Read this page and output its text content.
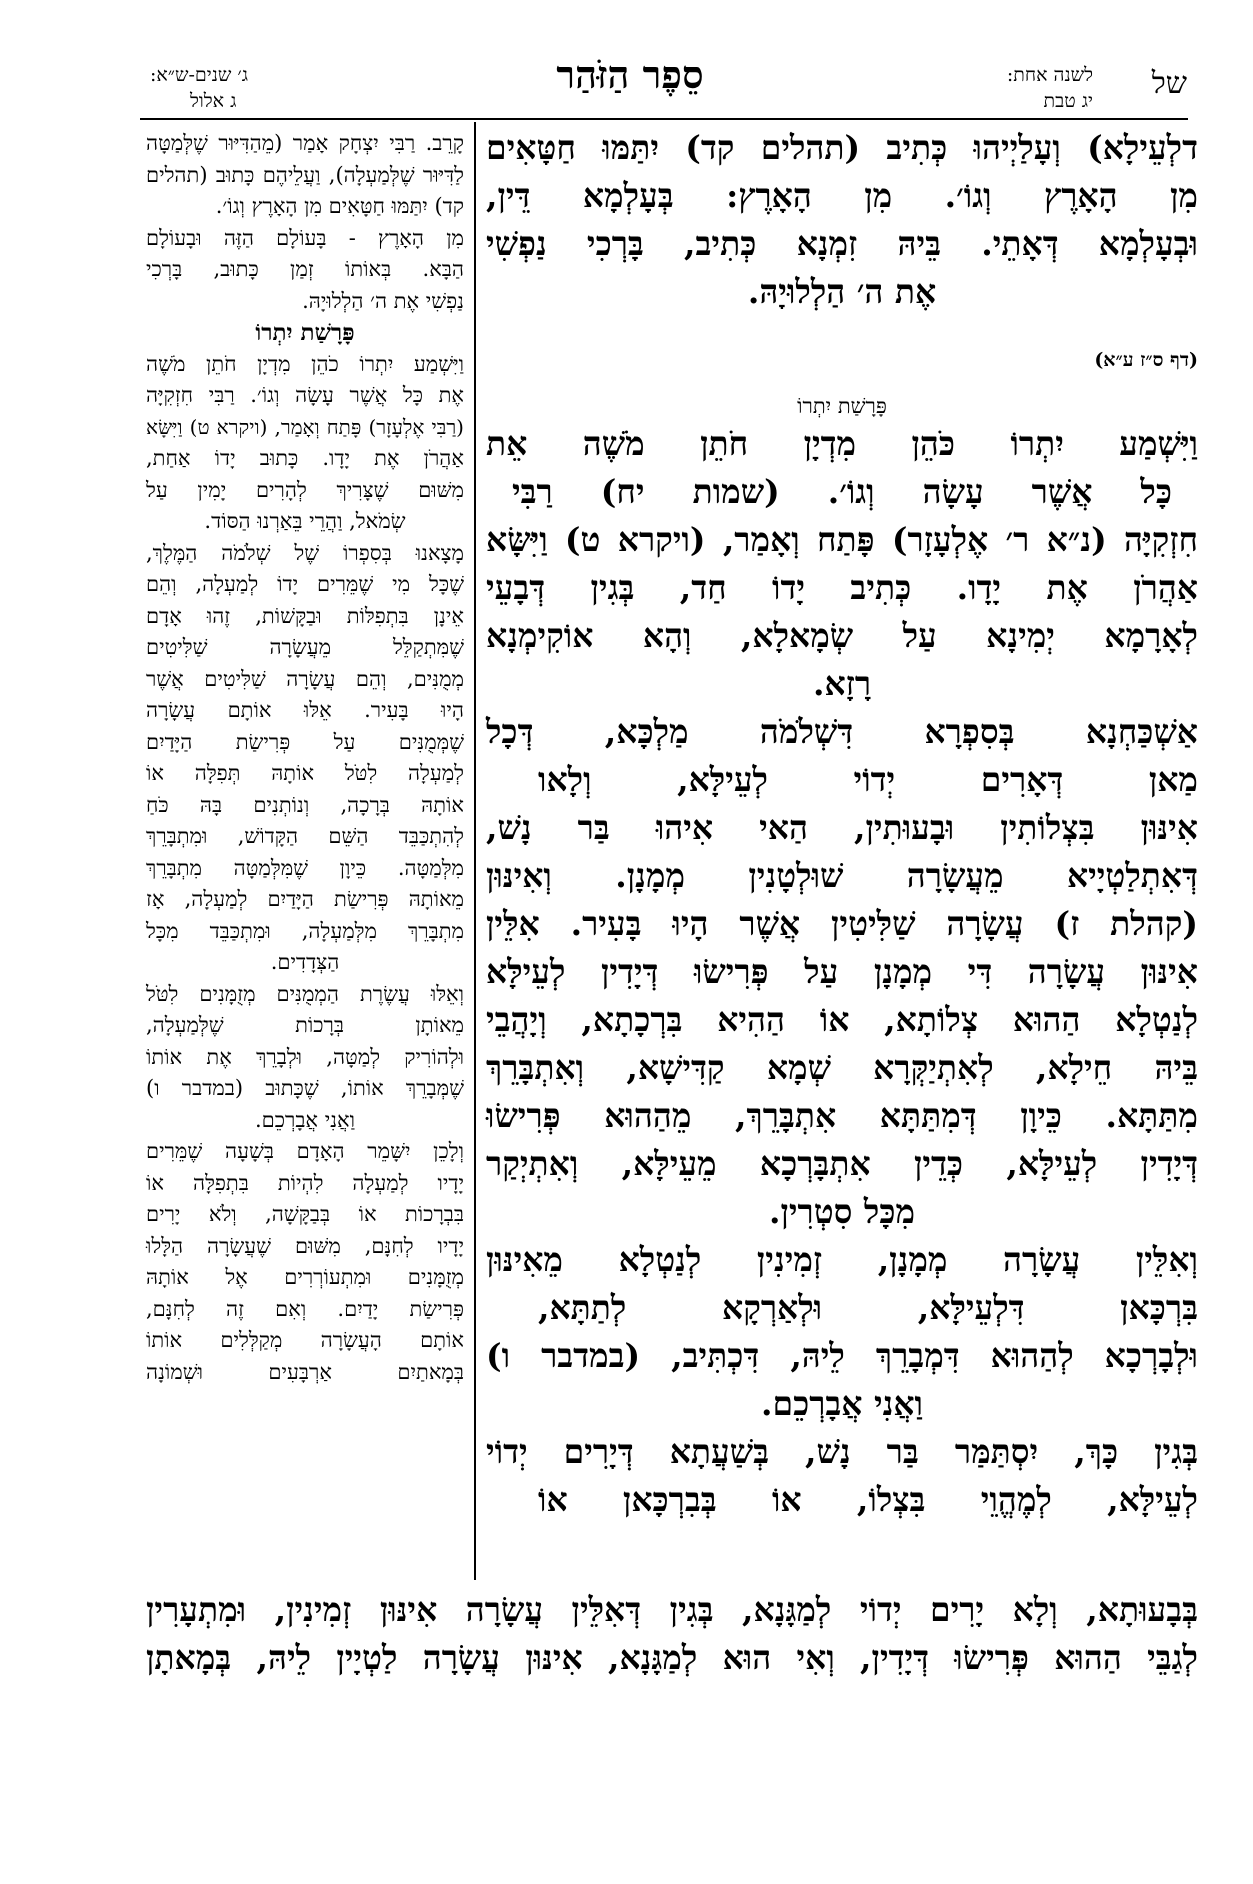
סֵפֶר הַזֹּהַר	של
לשנה אחת:
יג טבת
ג׳ שנים-ש״א:
ג אלול
דלְעֵילָא) וְעָלַיְיהוּ כְּתִיב (תהלים קד) יִתַּמּוּ חַטָּאִים
מִן הָאָרֶץ וְגוֹ׳. מִן הָאָרֶץ: בְּעָלְמָא דֵּין,
וּבְעָלְמָא דְּאָתֵי. בֵּיהּ זִמְנָא כְּתִיב, בָּרְכִי נַפְשִׁי
אֶת ה׳ הַלְלוּיָהּ.
(דף ס״ז ע״א)
פָּרָשַׁת יִתְרוֹ
וַיִּשְׁמַע יִתְרוֹ כֹּהֵן מִדְיָן חֹתֵן מֹשֶׁה אֵת
כָּל אֲשֶׁר עָשָׂה וְגוֹ׳. (שמות יח) רַבִּי
חִזְקִיָּה (נ״א ר׳ אֶלְעָזָר) פָּתַח וְאָמַר, (ויקרא ט) וַיִּשָּׂא
אַהֲרֹן אֶת יָדָו. כְּתִיב יָדוֹ חַד, בְּגִין דְּבָעֵי
לְאָרָמָא יְמִינָא עַל שְׂמָאלָא, וְהָא אוֹקִימְנָא
רָזָא.
אַשְׁכַּחְנָא בְּסִפְרָא דִּשְׁלֹמֹה מַלְכָּא, דְּכָל
מַאן דְּאָרִים יְדוֹי לְעֵילָּא, וְלָאו
אִינּוּן בִּצְלוֹתִין וּבָעוּתִין, הַאי אִיהוּ בַּר נָשׁ,
דְּאִתְלַטְיָיא מֵעֲשָׂרָה שׁוּלְטָנִין מְמָנָן. וְאִינּוּן
(קהלת ז) עֲשָׂרָה שַׁלִּיטִין אֲשֶׁר הָיוּ בָּעִיר. אִלֵּין
אִינּוּן עֲשָׂרָה דִּי מְמָנָן עַל פְּרִישׂוּ דְּיָדִין לְעֵילָּא
לְנַטְלָא הַהוּא צְלוֹתָא, אוֹ הַהִיא בִּרְכָתָא, וְיָהֲבֵי
בֵּיהּ חֵילָא, לְאִתְיַקְּרָא שְׁמָא קַדִּישָׁא, וְאִתְבָּרֵךְ
מִתַּתָּא. כֵּיוָן דְּמִתַּתָּא אִתְבָּרֵךְ, מֵהַהוּא פְּרִישׂוּ
דְּיָדִין לְעֵילָּא, כְּדֵין אִתְבָּרְכָא מֵעֵילָּא, וְאִתְיְקַר
מִכָּל סִטְרִין.
וְאִלֵּין עֲשָׂרָה מְמָנָן, זְמִינִין לְנַטְלָא מֵאִינּוּן
בִּרְכָּאן דִּלְעֵילָּא, וּלְאַרְקָא לְתַתָּא,
וּלְבָרְכָא לְהַהוּא דִּמְבָרֵךְ לֵיהּ, דִּכְתִּיב, (במדבר ו)
וַאֲנִי אֲבָרְכֵם.
בְּגִין כָּךְ, יִסְתַּמַּר בַּר נָשׁ, בְּשַׁעֲתָא דְּיָרִים יְדוֹי
לְעֵילָּא, לְמֶהֱוֵי בִּצְלוֹ, אוֹ בְּבִרְכָּאן אוֹ
קָרֵב. רַבִּי יִצְחָק אָמַר (מֵהַדִּיּוּר שֶׁלְּמַטָּה
לַדִּיּוּר שֶׁלְּמַעְלָה), וַעֲלֵיהֶם כָּתוּב (תהלים
קד) יִתַּמּוּ חַטָּאִים מִן הָאָרֶץ וְגוֹ׳.
מִן הָאָרֶץ - בָּעוֹלָם הַזֶּה וּבָעוֹלָם
הַבָּא. בְּאוֹתוֹ זְמַן כָּתוּב, בָּרְכִי
נַפְשִׁי אֶת ה׳ הַלְלוּיָהּ.
פָּרָשַׁת יִתְרוֹ
וַיִּשְׁמַע יִתְרוֹ כֹהֵן מִדְיָן חֹתֵן מֹשֶׁה
אֶת כָּל אֲשֶׁר עָשָׂה וְגוֹ׳. רַבִּי חִזְקִיָּה
(רַבִּי אֶלְעָזָר) פָּתַח וְאָמַר, (ויקרא ט) וַיִּשָּׂא
אַהֲרֹן אֶת יָדָו. כָּתוּב יָדוֹ אַחַת,
מִשּׁוּם שֶׁצָּרִיךְ לְהָרִים יָמִין עַל
שְׂמֹאל, וַהֲרֵי בֵּאַרְנוּ הַסּוֹד.
מָצָאנוּ בְּסִפְרוֹ שֶׁל שְׁלֹמֹה הַמֶּלֶךְ,
שֶׁכָּל מִי שֶׁמֵּרִים יָדוֹ לְמַעְלָה, וְהֵם
אֵינָן בִּתְפִלּוֹת וּבַקָּשׁוֹת, זֶהוּ אָדָם
שֶׁמִּתְקַלֵּל מֵעֲשָׂרָה שַׁלִּיטִים
מְמֻנִּים, וְהֵם עֲשָׂרָה שַׁלִּיטִים אֲשֶׁר
הָיוּ בָּעִיר. אֵלּוּ אוֹתָם עֲשָׂרָה
שֶׁמְּמֻנִּים עַל פְּרִישַׂת הַיָּדַיִם
לְמַעְלָה לִטֹּל אוֹתָהּ תְּפִלָּה אוֹ
אוֹתָהּ בְּרָכָה, וְנוֹתְנִים בָּהּ כֹּחַ
לְהִתְכַּבֵּד הַשֵּׁם הַקָּדוֹשׁ, וּמִתְבָּרֵךְ
מִלְּמַטָּה. כֵּיוָן שֶׁמִּלְּמַטָּה מִתְבָּרֵךְ
מֵאוֹתָהּ פְּרִישַׂת הַיָּדַיִם לְמַעְלָה, אָז
מִתְבָּרֵךְ מִלְּמַעְלָה, וּמִתְכַּבֵּד מִכָּל
הַצְּדָדִים.
וְאֵלּוּ עֲשֶׂרֶת הַמְמֻנִּים מְזֻמָּנִים לִטֹּל
מֵאוֹתָן בְּרָכוֹת שֶׁלְּמַעְלָה,
וּלְהוֹרִיק לְמַטָּה, וּלְבָרֵךְ אֶת אוֹתוֹ
שֶׁמְּבָרֵךְ אוֹתוֹ, שֶׁכָּתוּב (במדבר ו)
וַאֲנִי אֲבָרְכֵם.
וְלָכֵן יִשָּׁמֵר הָאָדָם בְּשָׁעָה שֶׁמֵּרִים
יָדָיו לְמַעְלָה לִהְיוֹת בִּתְפִלָּה אוֹ
בִּבְרָכוֹת אוֹ בְּבַקָּשָׁה, וְלֹא יָרִים
יָדָיו לְחִנָּם, מִשּׁוּם שֶׁעֲשָׂרָה הַלָּלוּ
מְזֻמָּנִים וּמִתְעוֹרְרִים אֶל אוֹתָהּ
פְּרִישַׂת יָדַיִם. וְאִם זֶה לְחִנָּם,
אוֹתָם הָעֲשָׂרָה מְקַלְּלִים אוֹתוֹ
בְּמָאתַיִם אַרְבָּעִים וּשְׁמוֹנָה
בְּבָעוּתָא, וְלָא יָרִים יְדוֹי לְמַגָּנָא, בְּגִין דְּאִלֵּין עֲשָׂרָה אִינּוּן זְמִינִין, וּמִתְעָרִין
לְגַבֵּי הַהוּא פְּרִישׂוּ דְּיָדִין, וְאִי הוּא לְמַגָּנָא, אִינּוּן עֲשָׂרָה לַטְיָין לֵיהּ, בְּמָאתָן
